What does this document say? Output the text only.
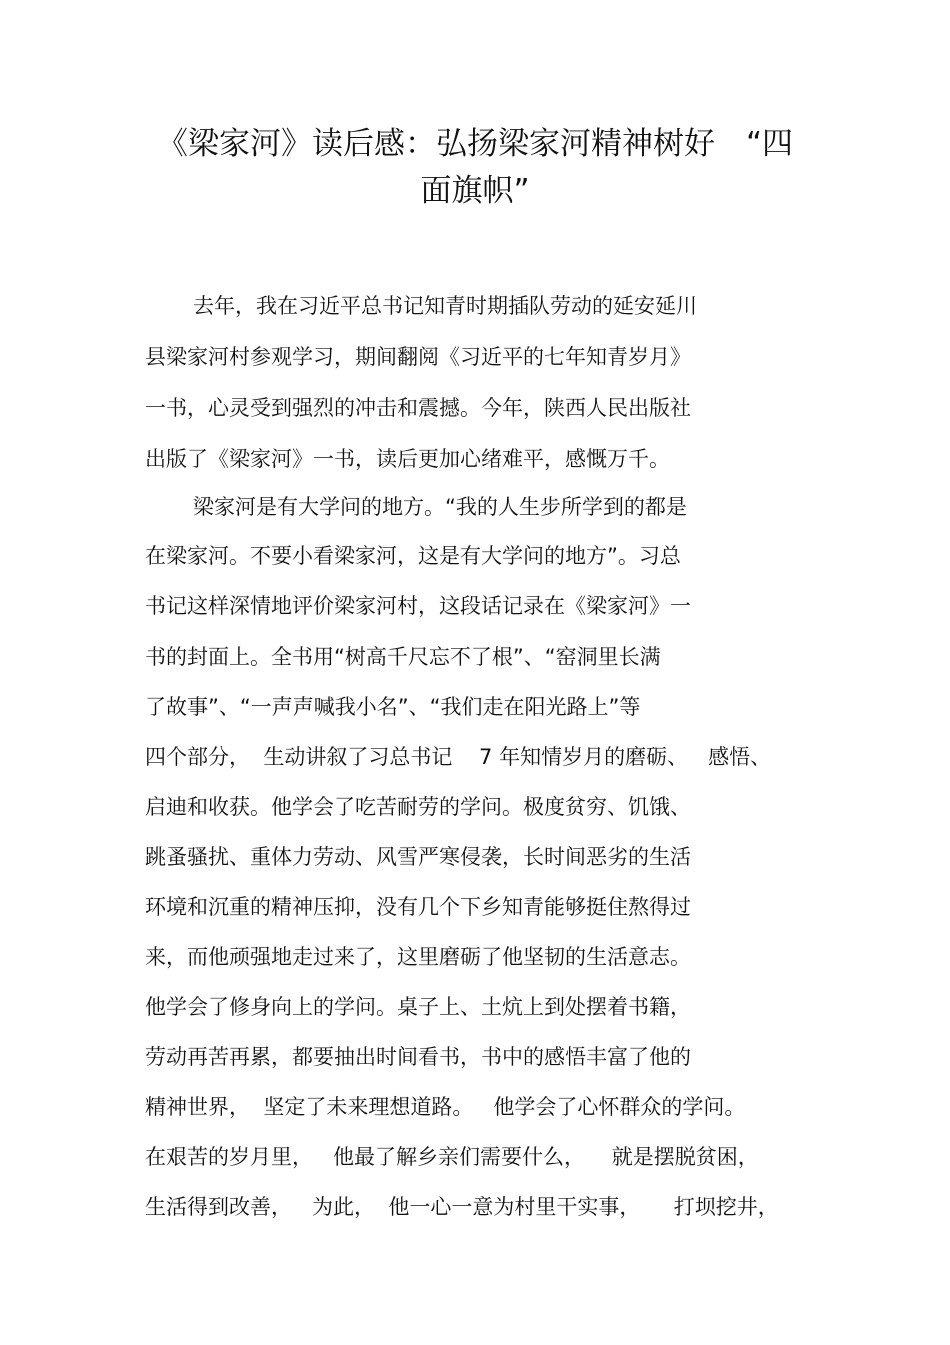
《梁家河》读后感：弘扬梁家河精神树好　“四
面旗帜”
去年，我在习近平总书记知青时期插队劳动的延安延川
县梁家河村参观学习，期间翻阅《习近平的七年知青岁月》
一书，心灵受到强烈的冲击和震撼。今年，陕西人民出版社
出版了《梁家河》一书，读后更加心绪难平，感慨万千。
梁家河是有大学问的地方。“我的人生步所学到的都是
在梁家河。不要小看梁家河，这是有大学问的地方”。习总
书记这样深情地评价梁家河村，这段话记录在《梁家河》一
书的封面上。全书用“树高千尺忘不了根”、“窑洞里长满
了故事”、“一声声喊我小名”、“我们走在阳光路上”等
四个部分，  生动讲叙了习总书记    7 年知情岁月的磨砺、   感悟、
启迪和收获。他学会了吃苦耐劳的学问。极度贫穷、饥饿、
跳蚤骚扰、重体力劳动、风雪严寒侵袭，长时间恶劣的生活
环境和沉重的精神压抑，没有几个下乡知青能够挺住熬得过
来，而他顽强地走过来了，这里磨砺了他坚韧的生活意志。
他学会了修身向上的学问。桌子上、土炕上到处摆着书籍，
劳动再苦再累，都要抽出时间看书，书中的感悟丰富了他的
精神世界，  坚定了未来理想道路。   他学会了心怀群众的学问。
在艰苦的岁月里，   他最了解乡亲们需要什么，    就是摆脱贫困，
生活得到改善，   为此，  他一心一意为村里干实事，     打坝挖井，
